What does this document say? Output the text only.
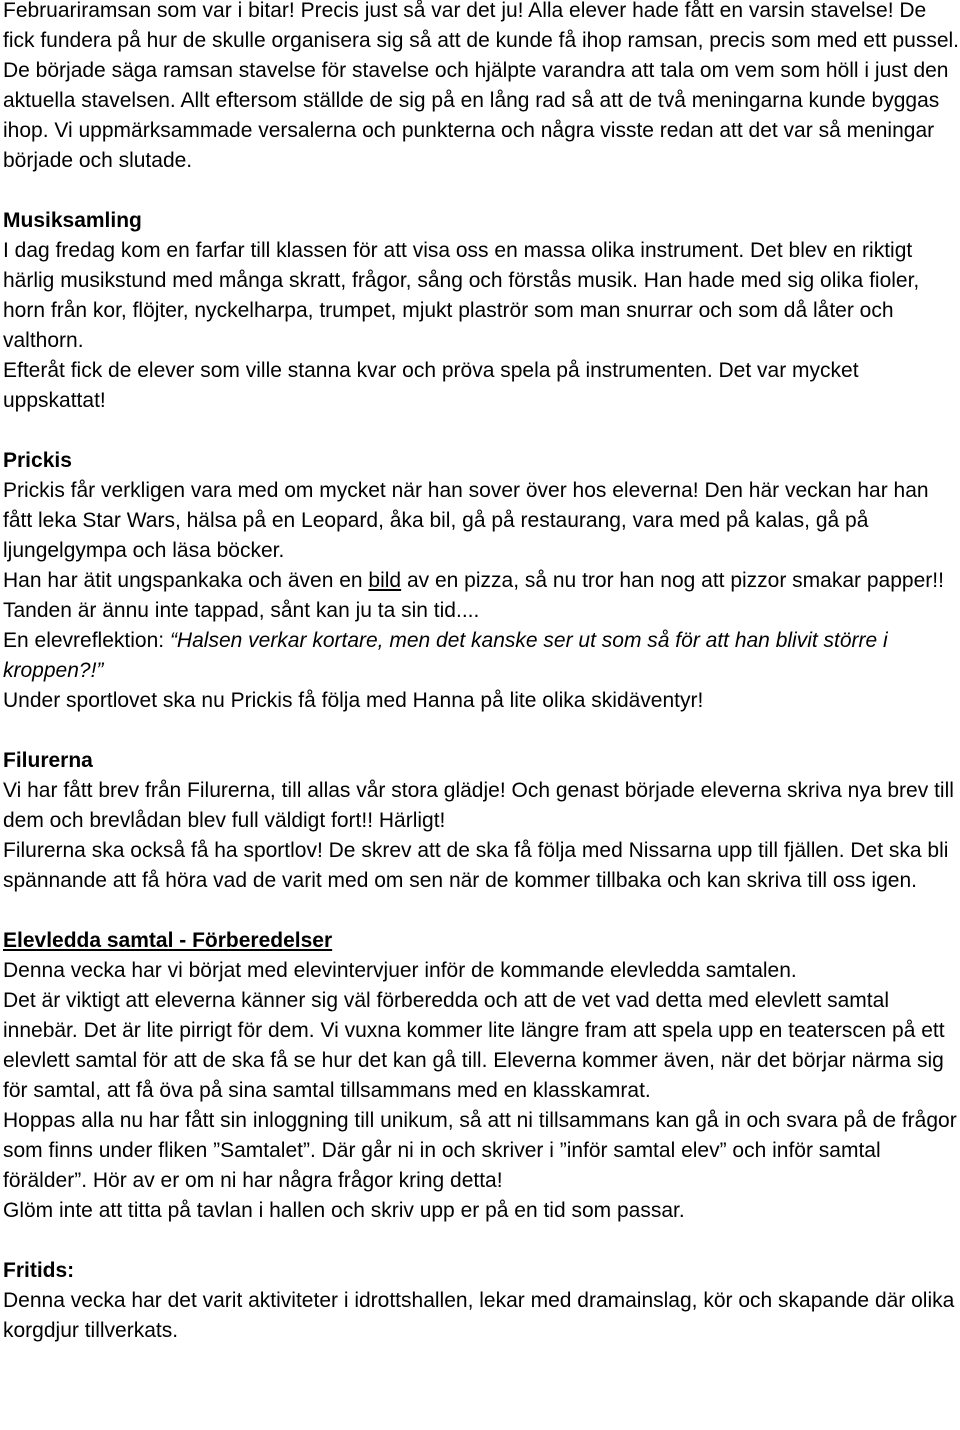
Februariramsan som var i bitar! Precis just så var det ju! Alla elever hade fått en varsin stavelse! De fick fundera på hur de skulle organisera sig så att de kunde få ihop ramsan, precis som med ett pussel. De började säga ramsan stavelse för stavelse och hjälpte varandra att tala om vem som höll i just den aktuella stavelsen. Allt eftersom ställde de sig på en lång rad så att de två meningarna kunde byggas ihop. Vi uppmärksammade versalerna och punkterna och några visste redan att det var så meningar började och slutade.

Musiksamling

I dag fredag kom en farfar till klassen för att visa oss en massa olika instrument. Det blev en riktigt härlig musikstund med många skratt, frågor, sång och förstås musik. Han hade med sig olika fioler, horn från kor, flöjter, nyckelharpa, trumpet, mjukt plaströr som man snurrar och som då låter och valthorn.

Efteråt fick de elever som ville stanna kvar och pröva spela på instrumenten. Det var mycket uppskattat!

Prickis

Prickis får verkligen vara med om mycket när han sover över hos eleverna! Den här veckan har han fått leka Star Wars, hälsa på en Leopard, åka bil, gå på restaurang, vara med på kalas, gå på ljungelgympa och läsa böcker.

Han har ätit ungspankaka och även en bild av en pizza, så nu tror han nog att pizzor smakar papper!! Tanden är ännu inte tappad, sånt kan ju ta sin tid....

En elevreflektion: “Halsen verkar kortare, men det kanske ser ut som så för att han blivit större i kroppen?!”

Under sportlovet ska nu Prickis få följa med Hanna på lite olika skidäventyr!

Filurerna

Vi har fått brev från Filurerna, till allas vår stora glädje! Och genast började eleverna skriva nya brev till dem och brevlådan blev full väldigt fort!! Härligt!

Filurerna ska också få ha sportlov! De skrev att de ska få följa med Nissarna upp till fjällen. Det ska bli spännande att få höra vad de varit med om sen när de kommer tillbaka och kan skriva till oss igen.

Elevledda samtal - Förberedelser

Denna vecka har vi börjat med elevintervjuer inför de kommande elevledda samtalen.

Det är viktigt att eleverna känner sig väl förberedda och att de vet vad detta med elevlett samtal innebär. Det är lite pirrigt för dem. Vi vuxna kommer lite längre fram att spela upp en teaterscen på ett elevlett samtal för att de ska få se hur det kan gå till. Eleverna kommer även, när det börjar närma sig för samtal, att få öva på sina samtal tillsammans med en klasskamrat.

Hoppas alla nu har fått sin inloggning till unikum, så att ni tillsammans kan gå in och svara på de frågor som finns under fliken ”Samtalet”. Där går ni in och skriver i ”inför samtal elev” och inför samtal förälder”. Hör av er om ni har några frågor kring detta!

Glöm inte att titta på tavlan i hallen och skriv upp er på en tid som passar.

Fritids:

Denna vecka har det varit aktiviteter i idrottshallen, lekar med dramainslag, kör och skapande där olika korgdjur tillverkats.
